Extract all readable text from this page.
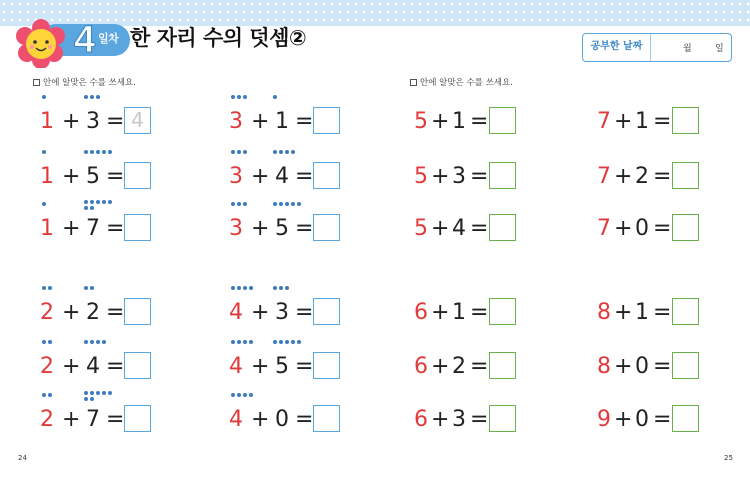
4 일차 한 자리 수의 덧셈②	공부한 날짜	월	일
안에 알맞은 수를 쓰세요.	안에 알맞은 수를 쓰세요.
1 + 3 = 4
1 + 5 =
1 + 7 =
2 + 2 =
2 + 4 =
2 + 7 =
3 + 1 =
3 + 4 =
3 + 5 =
4 + 3 =
4 + 5 =
4 + 0 =
5 + 1 =
5 + 3 =
5 + 4 =
6 + 1 =
6 + 2 =
6 + 3 =
7 + 1 =
7 + 2 =
7 + 0 =
8 + 1 =
8 + 0 =
9 + 0 =
24	25
